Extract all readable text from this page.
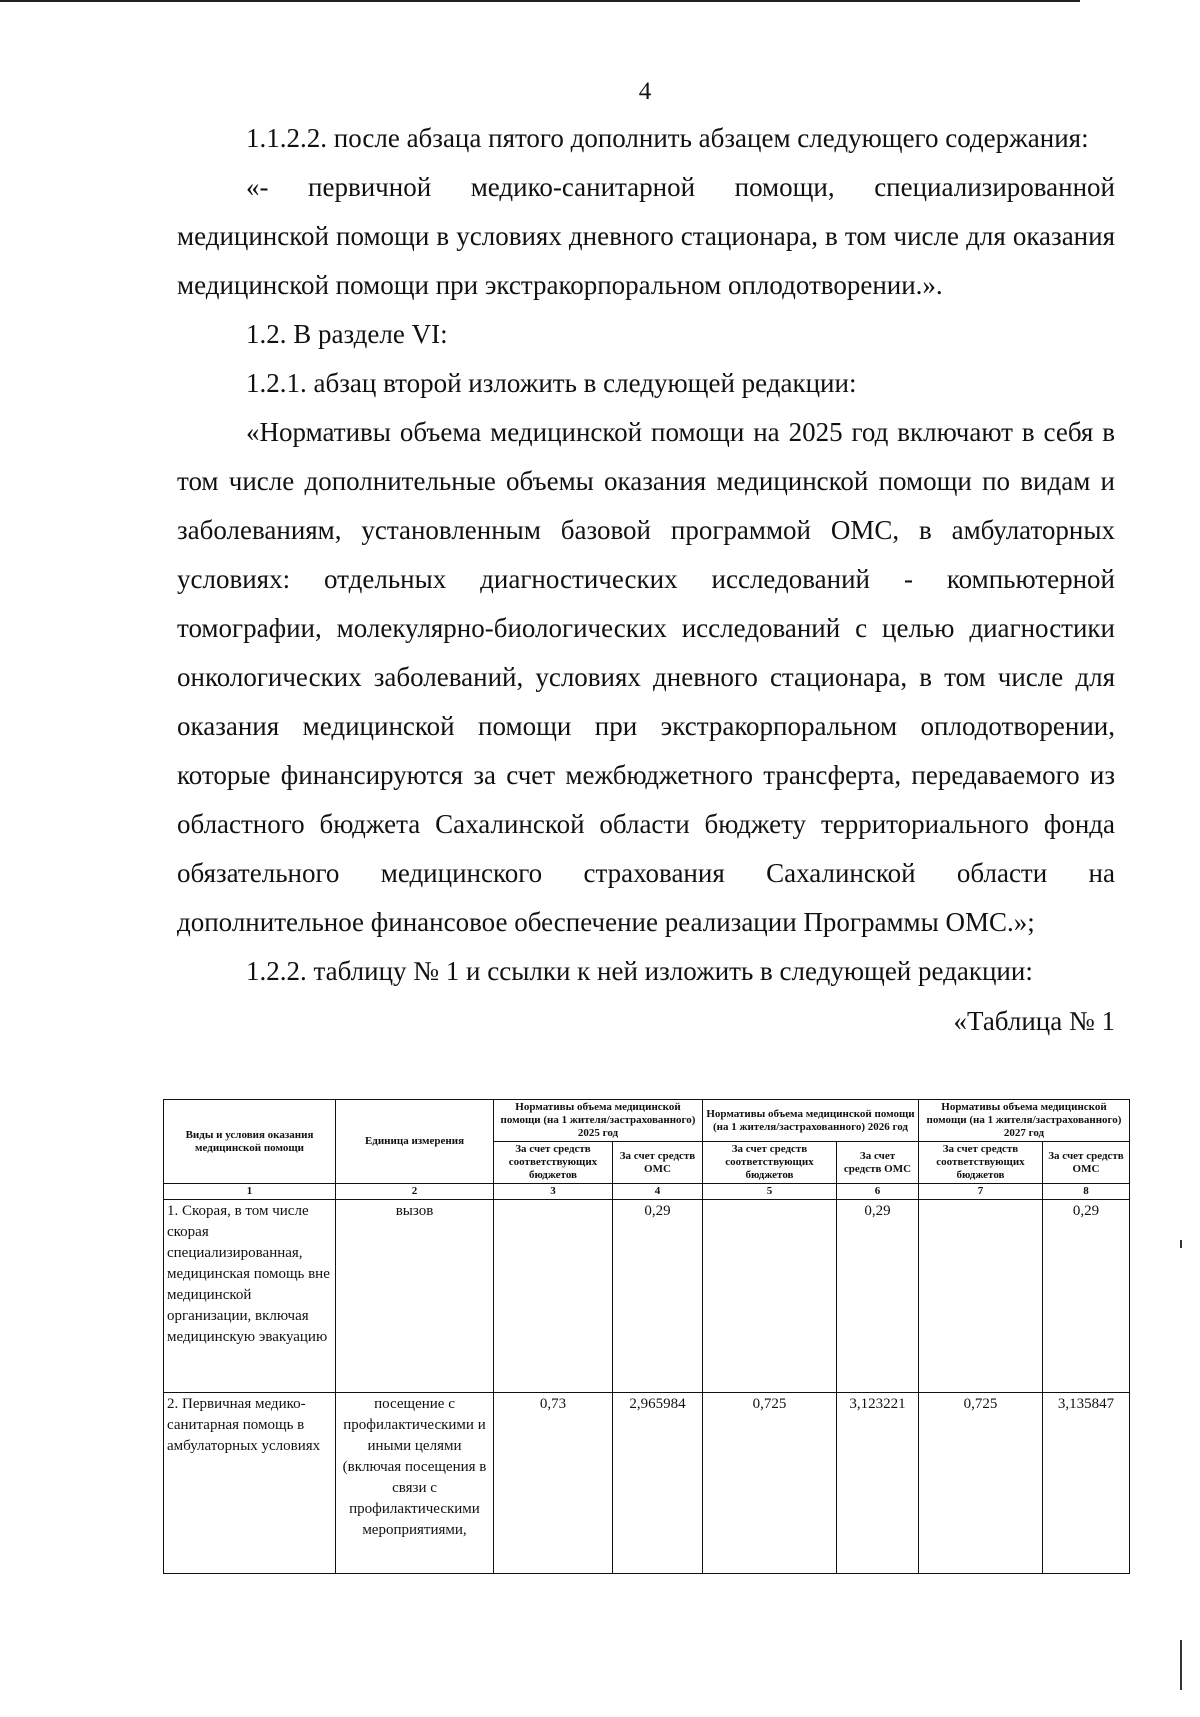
4

1.1.2.2. после абзаца пятого дополнить абзацем следующего содержания:

«- первичной медико-санитарной помощи, специализированной медицинской помощи в условиях дневного стационара, в том числе для оказания медицинской помощи при экстракорпоральном оплодотворении.».

1.2. В разделе VI:

1.2.1. абзац второй изложить в следующей редакции:

«Нормативы объема медицинской помощи на 2025 год включают в себя в том числе дополнительные объемы оказания медицинской помощи по видам и заболеваниям, установленным базовой программой ОМС, в амбулаторных условиях: отдельных диагностических исследований - компьютерной томографии, молекулярно-биологических исследований с целью диагностики онкологических заболеваний, условиях дневного стационара, в том числе для оказания медицинской помощи при экстракорпоральном оплодотворении, которые финансируются за счет межбюджетного трансферта, передаваемого из областного бюджета Сахалинской области бюджету территориального фонда обязательного медицинского страхования Сахалинской области на дополнительное финансовое обеспечение реализации Программы ОМС.»;

1.2.2. таблицу № 1 и ссылки к ней изложить в следующей редакции:

«Таблица № 1

Виды и условия оказания медицинской помощи	Единица измерения	Нормативы объема медицинской помощи (на 1 жителя/застрахованного) 2025 год		Нормативы объема медицинской помощи (на 1 жителя/застрахованного) 2026 год		Нормативы объема медицинской помощи (на 1 жителя/застрахованного) 2027 год	
		За счет средств соответствующих бюджетов	За счет средств ОМС	За счет средств соответствующих бюджетов	За счет средств ОМС	За счет средств соответствующих бюджетов	За счет средств ОМС
1	2	3	4	5	6	7	8
1. Скорая, в том числе скорая специализированная, медицинская помощь вне медицинской организации, включая медицинскую эвакуацию	вызов		0,29		0,29		0,29
2. Первичная медико-санитарная помощь в амбулаторных условиях	посещение с профилактическими и иными целями (включая посещения в связи с профилактическими мероприятиями,	0,73	2,965984	0,725	3,123221	0,725	3,135847
